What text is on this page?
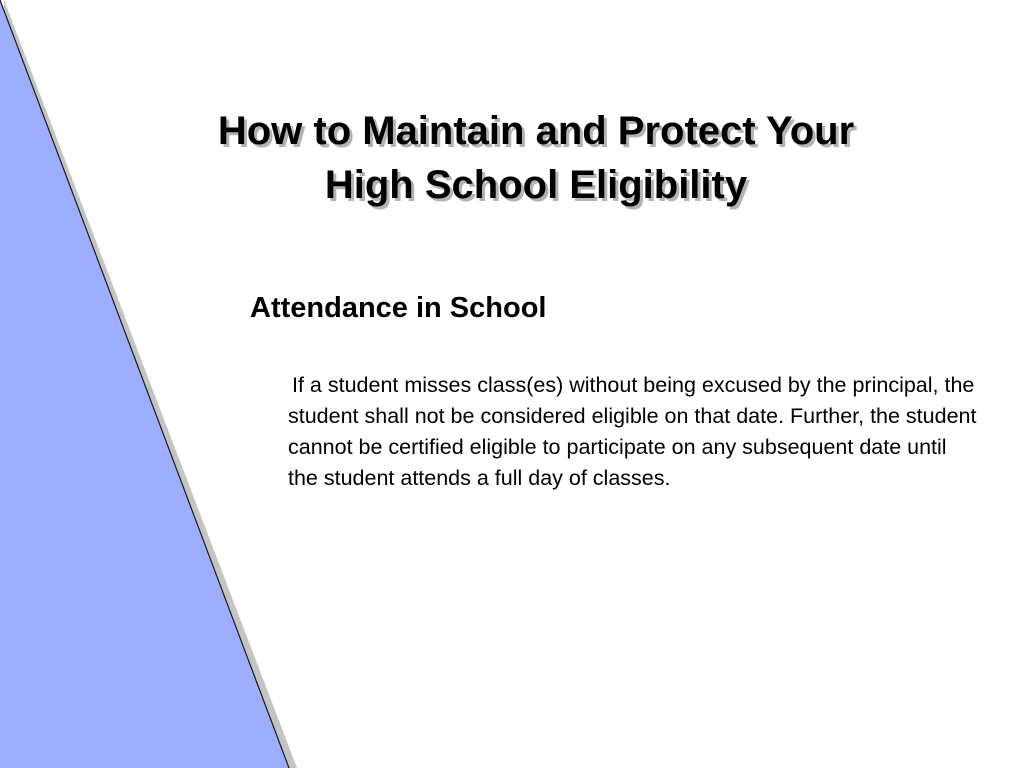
How to Maintain and Protect Your
High School Eligibility
Attendance in School

If a student misses class(es) without being excused by the principal, the student shall not be considered eligible on that date. Further, the student cannot be certified eligible to participate on any subsequent date until the student attends a full day of classes.
